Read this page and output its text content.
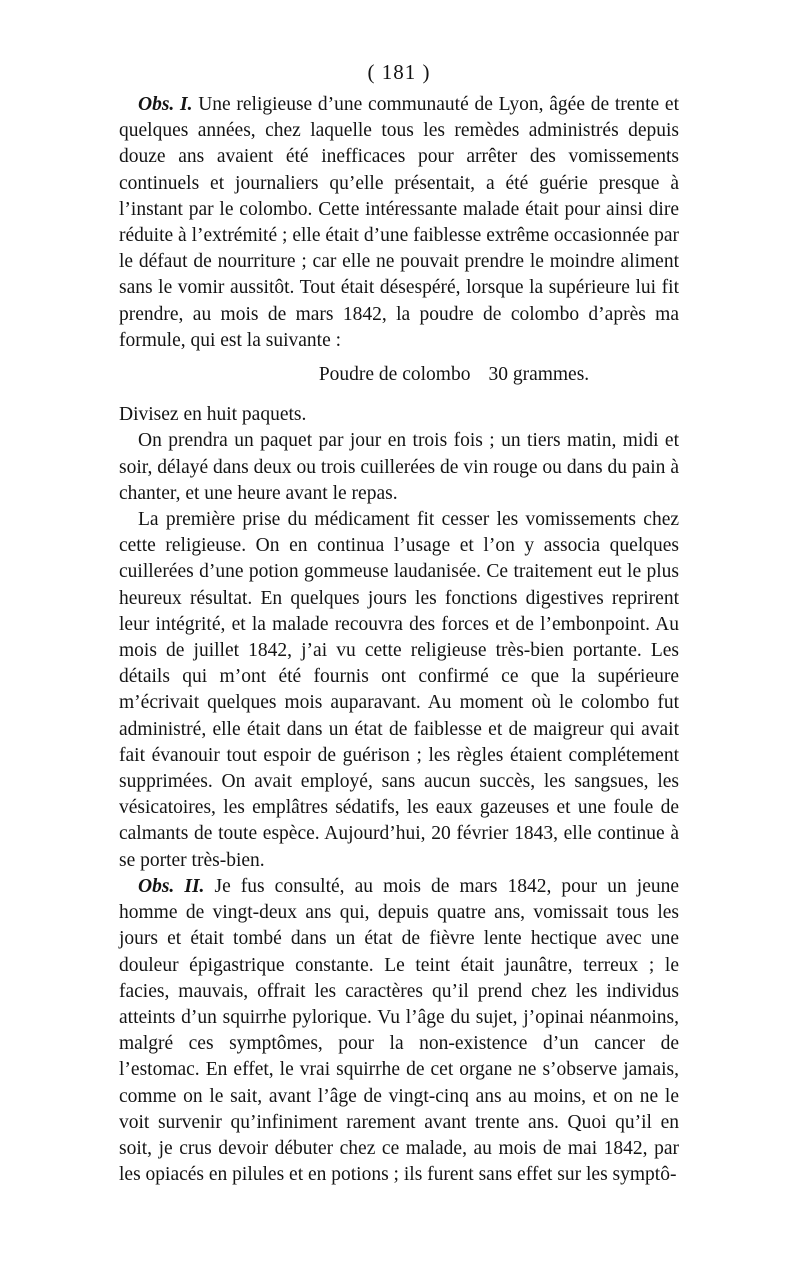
( 181 )

Obs. I. Une religieuse d’une communauté de Lyon, âgée de trente et quelques années, chez laquelle tous les remèdes administrés depuis douze ans avaient été inefficaces pour arrêter des vomissements continuels et journaliers qu’elle présentait, a été guérie presque à l’instant par le colombo. Cette intéressante malade était pour ainsi dire réduite à l’extrémité ; elle était d’une faiblesse extrême occasionnée par le défaut de nourriture ; car elle ne pouvait prendre le moindre aliment sans le vomir aussitôt. Tout était désespéré, lorsque la supérieure lui fit prendre, au mois de mars 1842, la poudre de colombo d’après ma formule, qui est la suivante :

Poudre de colombo 30 grammes.

Divisez en huit paquets.

On prendra un paquet par jour en trois fois ; un tiers matin, midi et soir, délayé dans deux ou trois cuillerées de vin rouge ou dans du pain à chanter, et une heure avant le repas.

La première prise du médicament fit cesser les vomissements chez cette religieuse. On en continua l’usage et l’on y associa quelques cuillerées d’une potion gommeuse laudanisée. Ce traitement eut le plus heureux résultat. En quelques jours les fonctions digestives reprirent leur intégrité, et la malade recouvra des forces et de l’embonpoint. Au mois de juillet 1842, j’ai vu cette religieuse très-bien portante. Les détails qui m’ont été fournis ont confirmé ce que la supérieure m’écrivait quelques mois auparavant. Au moment où le colombo fut administré, elle était dans un état de faiblesse et de maigreur qui avait fait évanouir tout espoir de guérison ; les règles étaient complétement supprimées. On avait employé, sans aucun succès, les sangsues, les vésicatoires, les emplâtres sédatifs, les eaux gazeuses et une foule de calmants de toute espèce. Aujourd’hui, 20 février 1843, elle continue à se porter très-bien.

Obs. II. Je fus consulté, au mois de mars 1842, pour un jeune homme de vingt-deux ans qui, depuis quatre ans, vomissait tous les jours et était tombé dans un état de fièvre lente hectique avec une douleur épigastrique constante. Le teint était jaunâtre, terreux ; le facies, mauvais, offrait les caractères qu’il prend chez les individus atteints d’un squirrhe pylorique. Vu l’âge du sujet, j’opinai néanmoins, malgré ces symptômes, pour la non-existence d’un cancer de l’estomac. En effet, le vrai squirrhe de cet organe ne s’observe jamais, comme on le sait, avant l’âge de vingt-cinq ans au moins, et on ne le voit survenir qu’infiniment rarement avant trente ans. Quoi qu’il en soit, je crus devoir débuter chez ce malade, au mois de mai 1842, par les opiacés en pilules et en potions ; ils furent sans effet sur les symptô-
